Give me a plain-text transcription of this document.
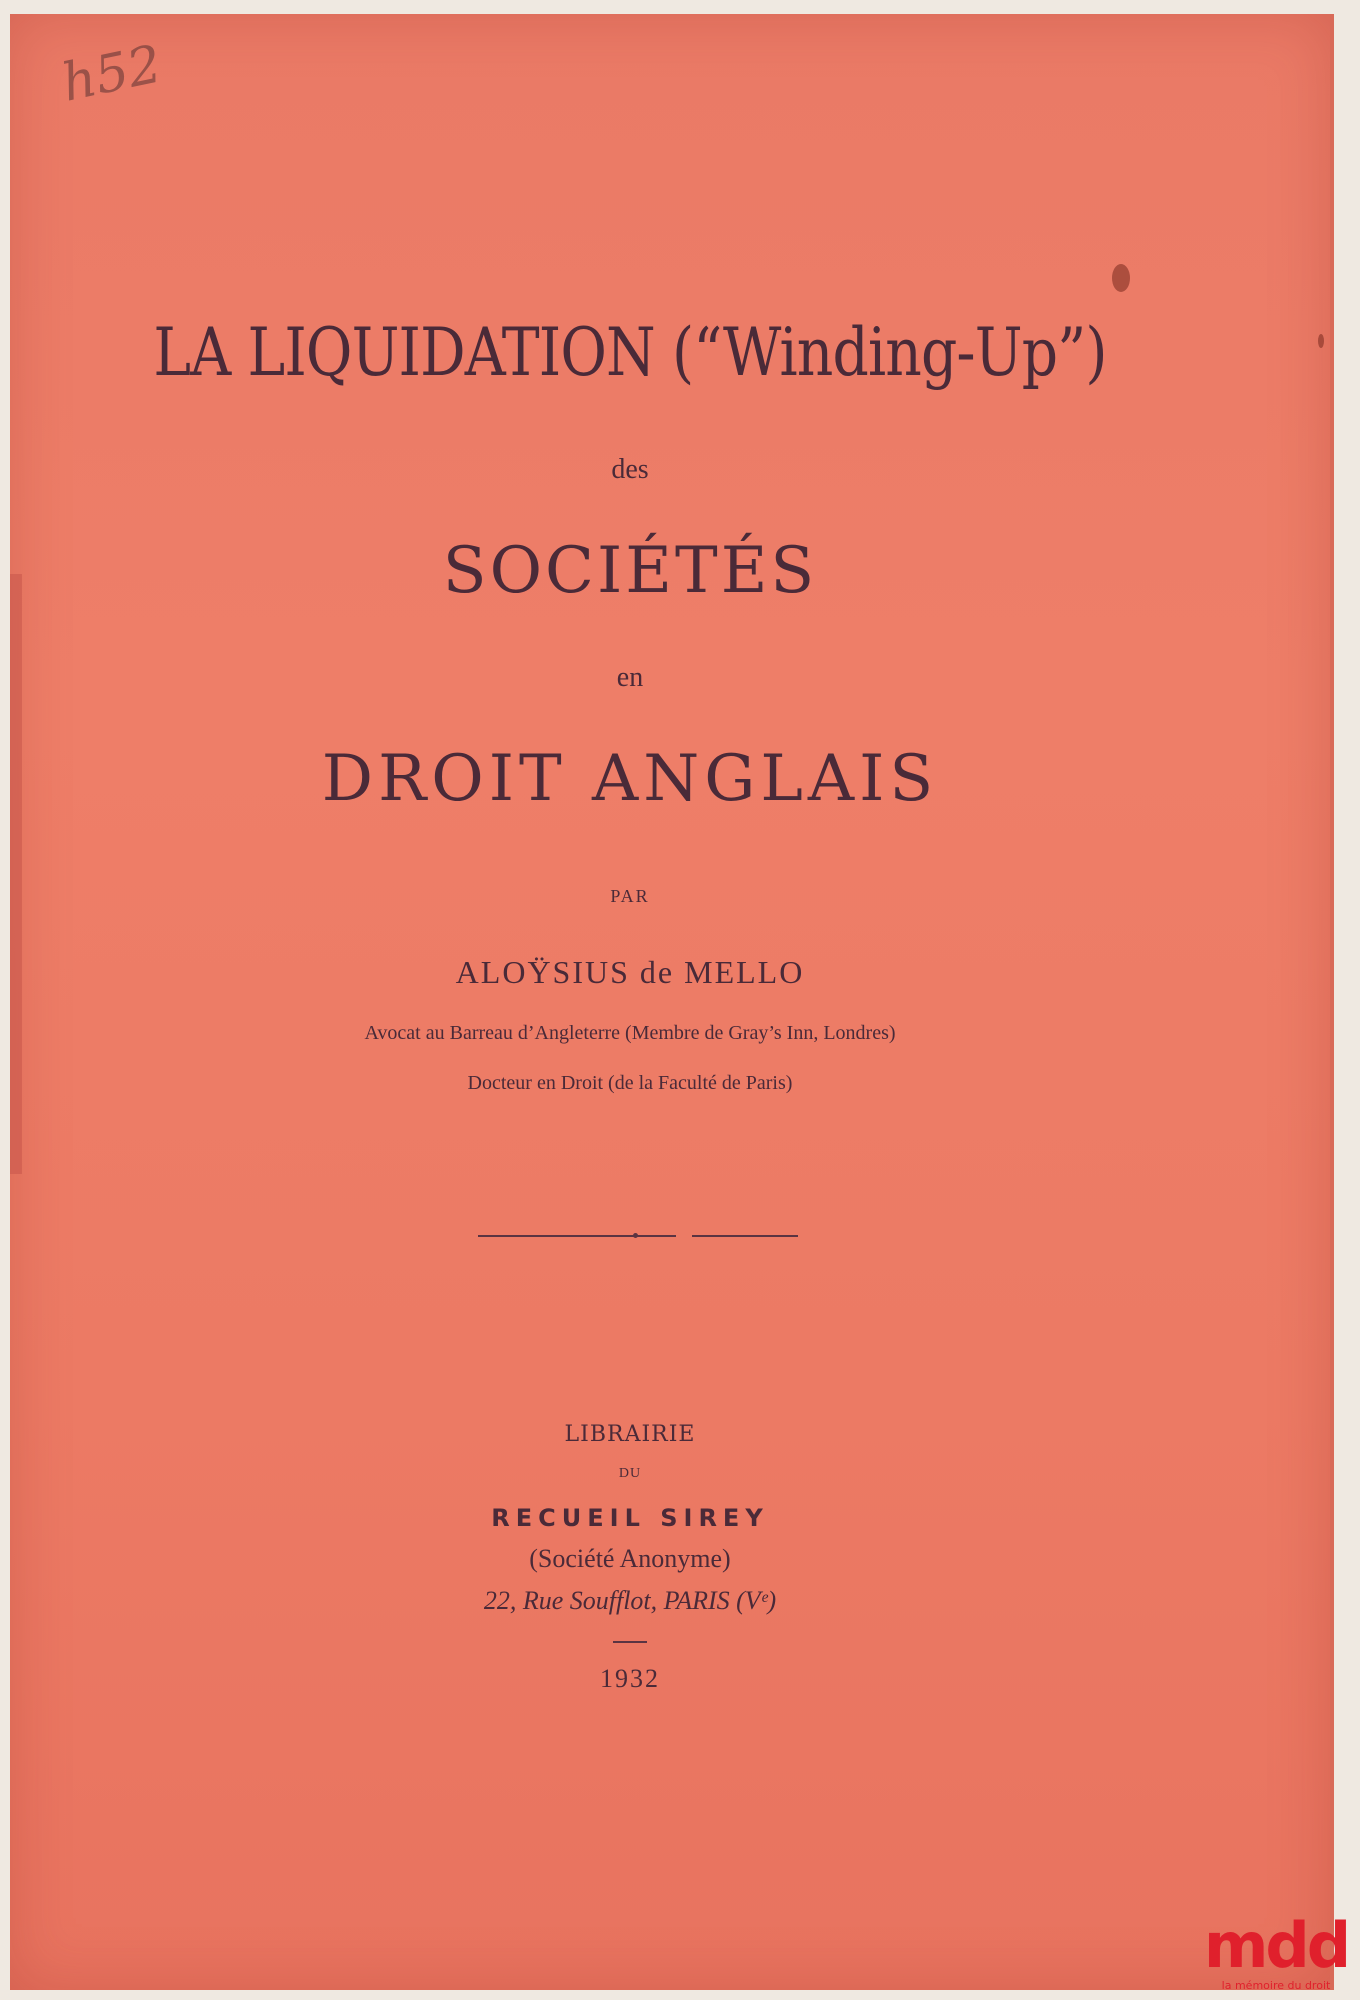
h52
LA LIQUIDATION (“Winding-Up”)
des
SOCIÉTÉS
en
DROIT ANGLAIS
PAR
ALOŸSIUS de MELLO
Avocat au Barreau d’Angleterre (Membre de Gray’s Inn, Londres)
Docteur en Droit (de la Faculté de Paris)
LIBRAIRIE
DU
RECUEIL SIREY
(Société Anonyme)
22, Rue Soufflot, PARIS (Vᵉ)
1932
mdd
la mémoire du droit
